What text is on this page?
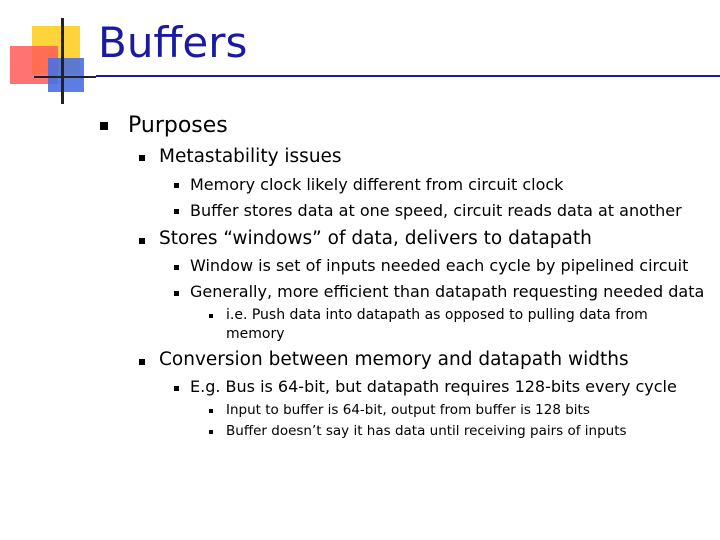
Buffers
Purposes
Metastability issues
Memory clock likely different from circuit clock
Buffer stores data at one speed, circuit reads data at another
Stores “windows” of data, delivers to datapath
Window is set of inputs needed each cycle by pipelined circuit
Generally, more efficient than datapath requesting needed data
i.e. Push data into datapath as opposed to pulling data from memory
Conversion between memory and datapath widths
E.g. Bus is 64-bit, but datapath requires 128-bits every cycle
Input to buffer is 64-bit, output from buffer is 128 bits
Buffer doesn’t say it has data until receiving pairs of inputs
